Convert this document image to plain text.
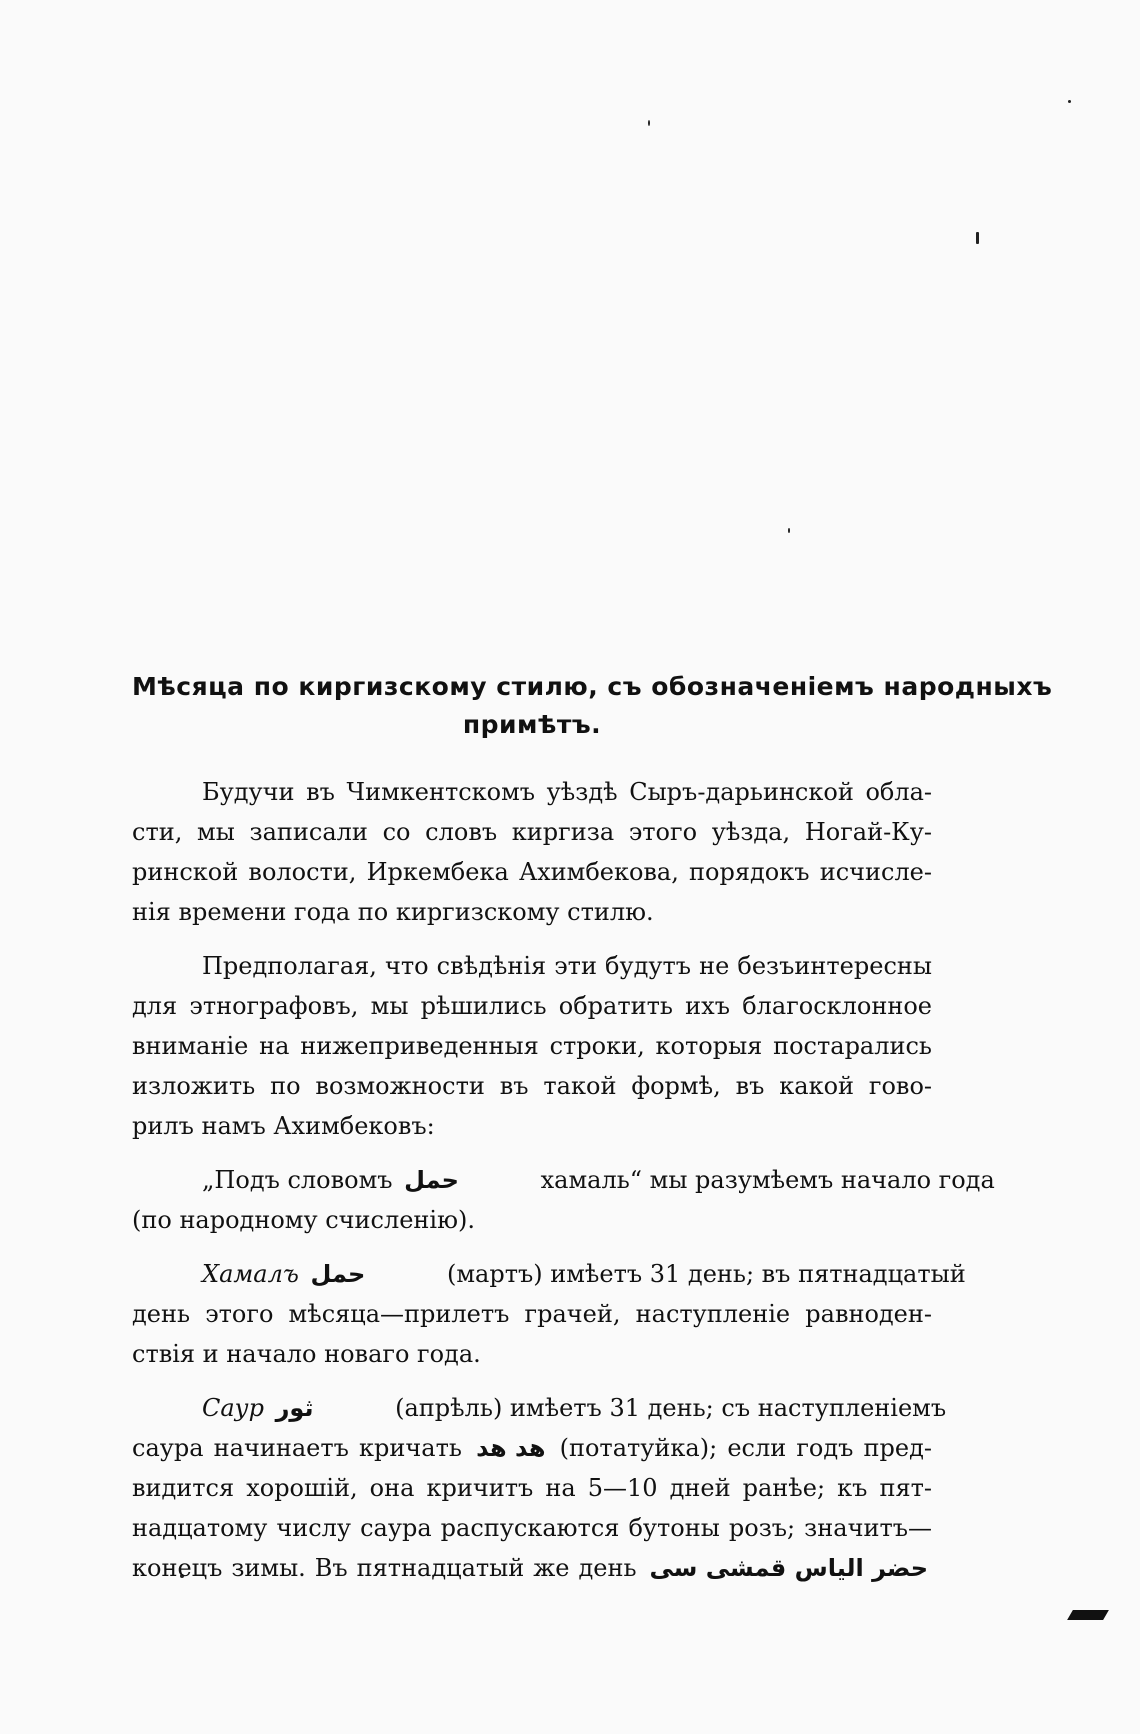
Мѣсяца по киргизскому стилю, съ обозначеніемъ народныхъ
примѣтъ.
Будучи въ Чимкентскомъ уѣздѣ Сыръ-дарьинской обла-
сти, мы записали со словъ киргиза этого уѣзда, Ногай-Ку-
ринской волости, Иркембека Ахимбекова, порядокъ исчисле-
нія времени года по киргизскому стилю.
Предполагая, что свѣдѣнія эти будутъ не безъинтересны
для этнографовъ, мы рѣшились обратить ихъ благосклонное
вниманіе на нижеприведенныя строки, которыя постарались
изложить по возможности въ такой формѣ, въ какой гово-
рилъ намъ Ахимбековъ:
„Подъ словомъ حمل	хамаль“ мы разумѣемъ начало года
(по народному счисленію).
Хамалъ حمل	(мартъ) имѣетъ 31 день; въ пятнадцатый
день этого мѣсяца—прилетъ грачей, наступленіе равноден-
ствія и начало новаго года.
Саур ثور	(апрѣль) имѣетъ 31 день; съ наступленіемъ
саура начинаетъ кричать هد هد (потатуйка); если годъ пред-
видится хорошій, она кричитъ на 5—10 дней ранѣе; къ пят-
надцатому числу саура распускаются бутоны розъ; значитъ—
конецъ зимы. Въ пятнадцатый же день حضر الياس قمشى سى
